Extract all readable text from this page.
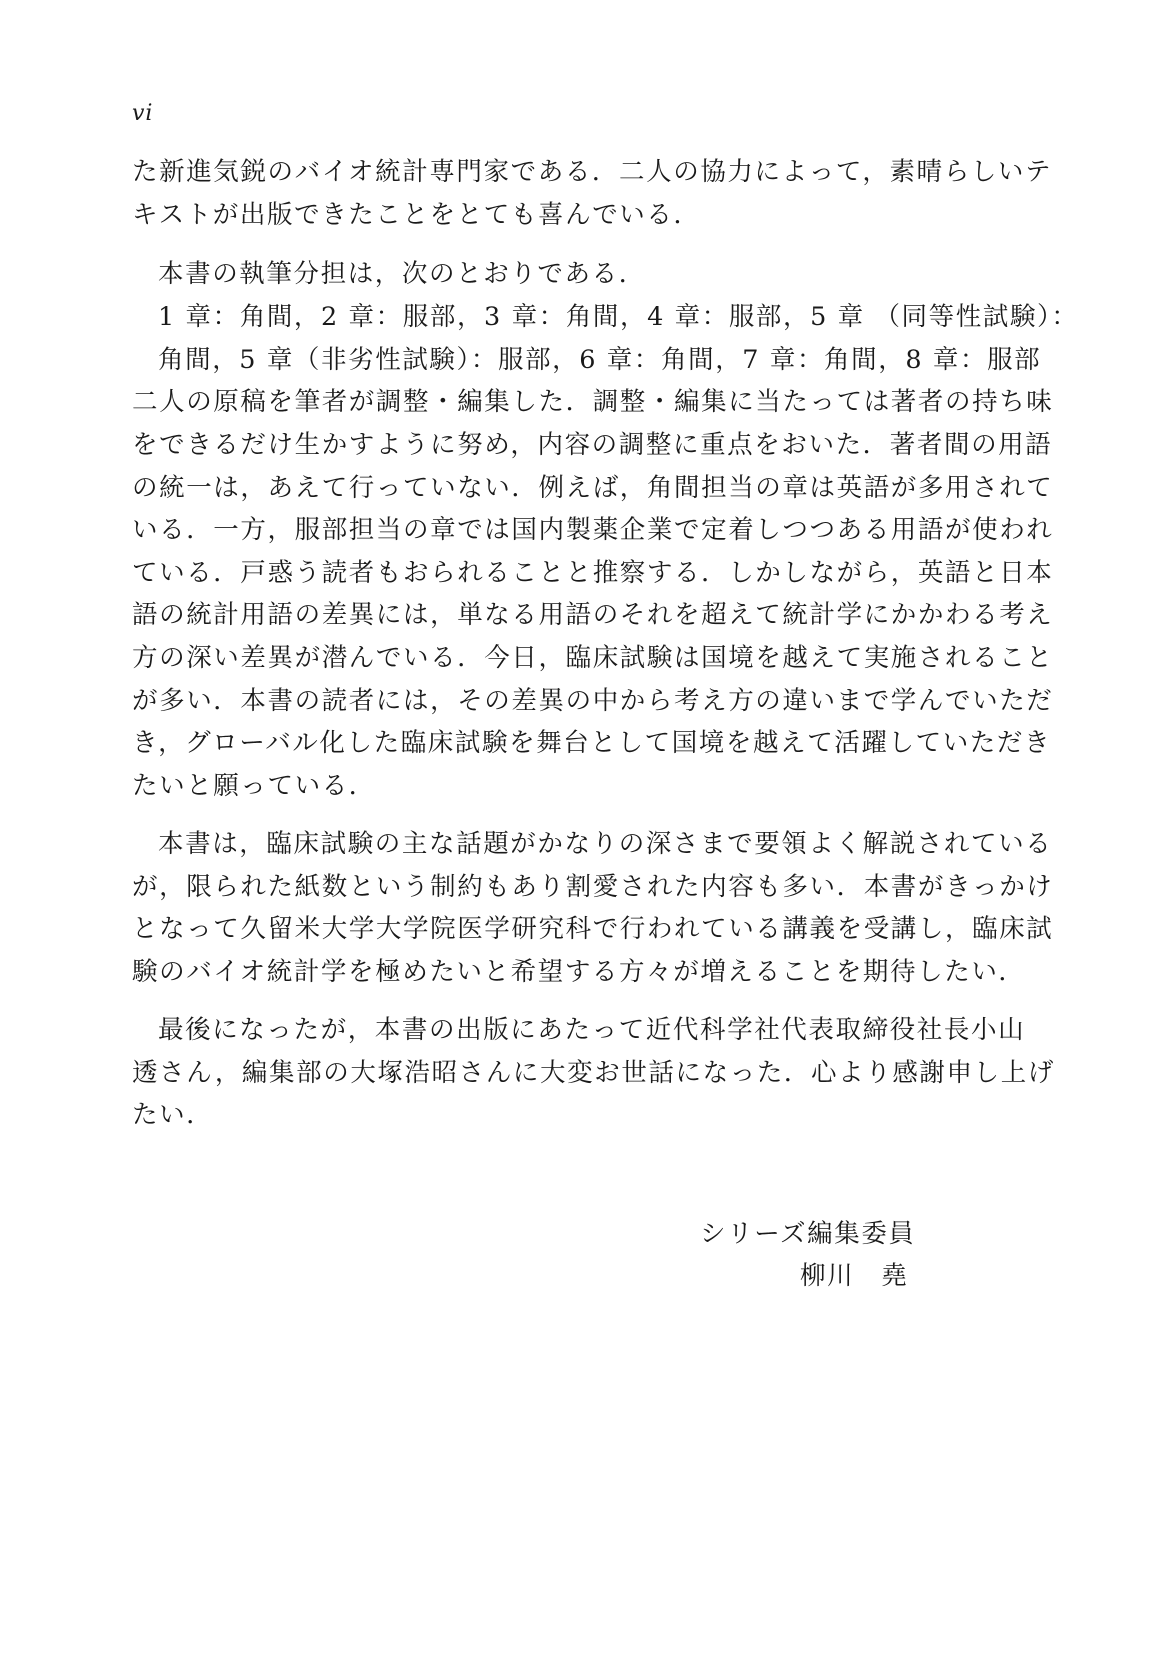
vi
た新進気鋭のバイオ統計専門家である．二人の協力によって，素晴らしいテ
キストが出版できたことをとても喜んでいる．
本書の執筆分担は，次のとおりである．
1 章：角間，2 章：服部，3 章：角間，4 章：服部，5 章 （同等性試験）：
角間，5 章（非劣性試験）：服部，6 章：角間，7 章：角間，8 章：服部
二人の原稿を筆者が調整・編集した．調整・編集に当たっては著者の持ち味
をできるだけ生かすように努め，内容の調整に重点をおいた．著者間の用語
の統一は，あえて行っていない．例えば，角間担当の章は英語が多用されて
いる．一方，服部担当の章では国内製薬企業で定着しつつある用語が使われ
ている．戸惑う読者もおられることと推察する．しかしながら，英語と日本
語の統計用語の差異には，単なる用語のそれを超えて統計学にかかわる考え
方の深い差異が潜んでいる．今日，臨床試験は国境を越えて実施されること
が多い．本書の読者には，その差異の中から考え方の違いまで学んでいただ
き，グローバル化した臨床試験を舞台として国境を越えて活躍していただき
たいと願っている．
本書は，臨床試験の主な話題がかなりの深さまで要領よく解説されている
が，限られた紙数という制約もあり割愛された内容も多い．本書がきっかけ
となって久留米大学大学院医学研究科で行われている講義を受講し，臨床試
験のバイオ統計学を極めたいと希望する方々が増えることを期待したい．
最後になったが，本書の出版にあたって近代科学社代表取締役社長小山
透さん，編集部の大塚浩昭さんに大変お世話になった．心より感謝申し上げ
たい．
シリーズ編集委員
柳川　堯
